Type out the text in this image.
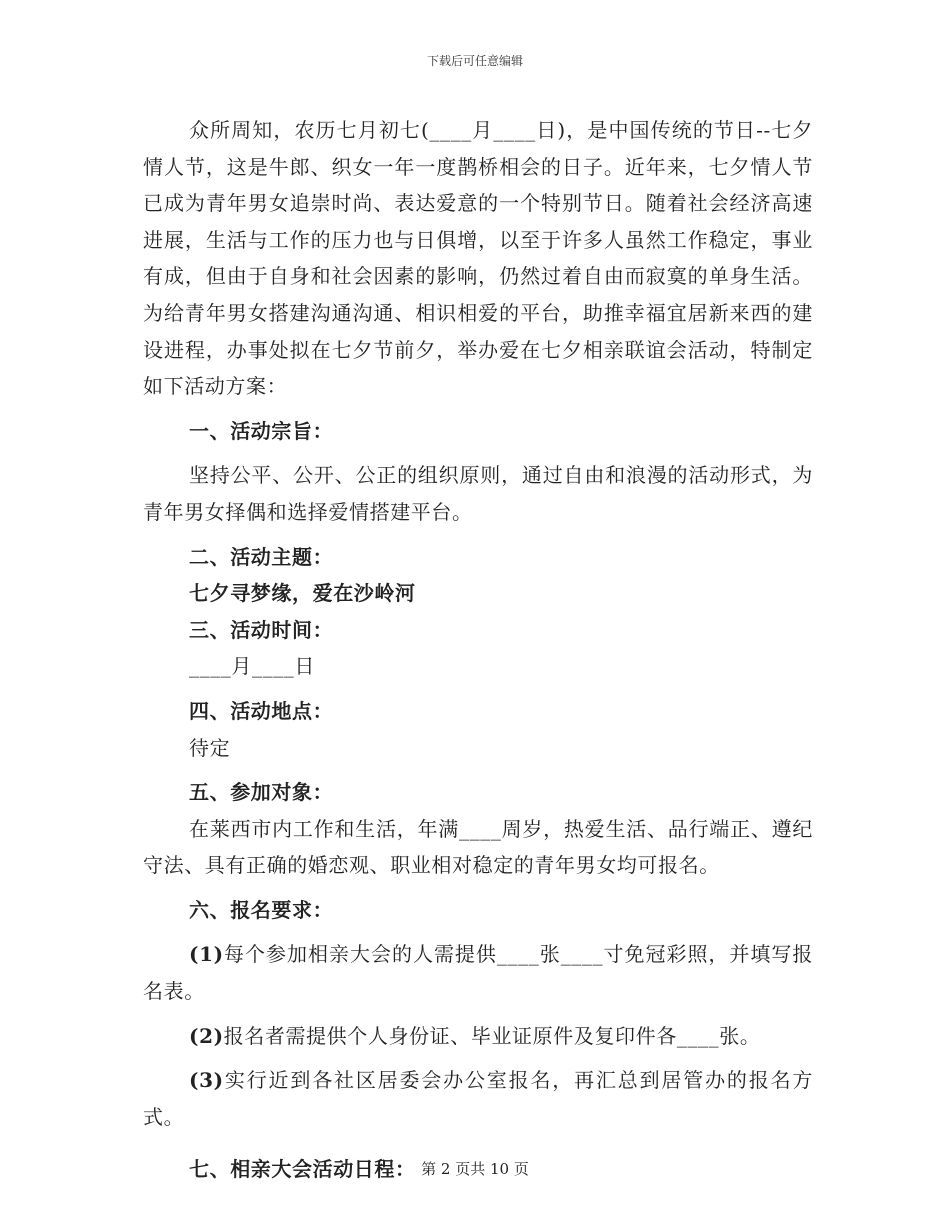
下载后可任意编辑

众所周知，农历七月初七(____月____日)，是中国传统的节日--七夕情人节，这是牛郎、织女一年一度鹊桥相会的日子。近年来，七夕情人节已成为青年男女追崇时尚、表达爱意的一个特别节日。随着社会经济高速进展，生活与工作的压力也与日俱增，以至于许多人虽然工作稳定，事业有成，但由于自身和社会因素的影响，仍然过着自由而寂寞的单身生活。为给青年男女搭建沟通沟通、相识相爱的平台，助推幸福宜居新来西的建设进程，办事处拟在七夕节前夕，举办爱在七夕相亲联谊会活动，特制定如下活动方案：

一、活动宗旨：

坚持公平、公开、公正的组织原则，通过自由和浪漫的活动形式，为青年男女择偶和选择爱情搭建平台。

二、活动主题：

七夕寻梦缘，爱在沙岭河

三、活动时间：

____月____日

四、活动地点：

待定

五、参加对象：

在莱西市内工作和生活，年满____周岁，热爱生活、品行端正、遵纪守法、具有正确的婚恋观、职业相对稳定的青年男女均可报名。

六、报名要求：

(1)每个参加相亲大会的人需提供____张____寸免冠彩照，并填写报名表。

(2)报名者需提供个人身份证、毕业证原件及复印件各____张。

(3)实行近到各社区居委会办公室报名，再汇总到居管办的报名方式。

七、相亲大会活动日程： 第 2 页共 10 页
